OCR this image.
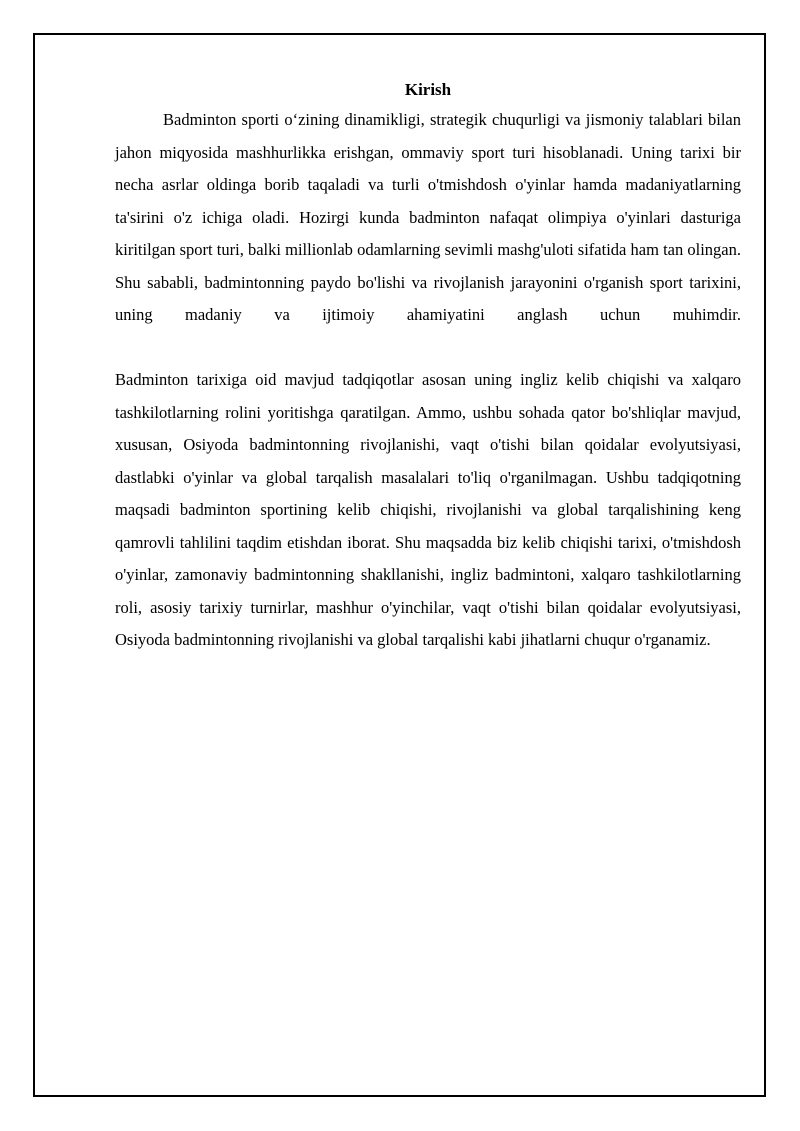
Kirish

Badminton sporti o‘zining dinamikligi, strategik chuqurligi va jismoniy talablari bilan jahon miqyosida mashhurlikka erishgan, ommaviy sport turi hisoblanadi. Uning tarixi bir necha asrlar oldinga borib taqaladi va turli o'tmishdosh o'yinlar hamda madaniyatlarning ta'sirini o'z ichiga oladi. Hozirgi kunda badminton nafaqat olimpiya o'yinlari dasturiga kiritilgan sport turi, balki millionlab odamlarning sevimli mashg'uloti sifatida ham tan olingan. Shu sababli, badmintonning paydo bo'lishi va rivojlanish jarayonini o'rganish sport tarixini, uning madaniy va ijtimoiy ahamiyatini anglash uchun muhimdir.

Badminton tarixiga oid mavjud tadqiqotlar asosan uning ingliz kelib chiqishi va xalqaro tashkilotlarning rolini yoritishga qaratilgan. Ammo, ushbu sohada qator bo'shliqlar mavjud, xususan, Osiyoda badmintonning rivojlanishi, vaqt o'tishi bilan qoidalar evolyutsiyasi, dastlabki o'yinlar va global tarqalish masalalari to'liq o'rganilmagan. Ushbu tadqiqotning maqsadi badminton sportining kelib chiqishi, rivojlanishi va global tarqalishining keng qamrovli tahlilini taqdim etishdan iborat. Shu maqsadda biz kelib chiqishi tarixi, o'tmishdosh o'yinlar, zamonaviy badmintonning shakllanishi, ingliz badmintoni, xalqaro tashkilotlarning roli, asosiy tarixiy turnirlar, mashhur o'yinchilar, vaqt o'tishi bilan qoidalar evolyutsiyasi, Osiyoda badmintonning rivojlanishi va global tarqalishi kabi jihatlarni chuqur o'rganamiz.
